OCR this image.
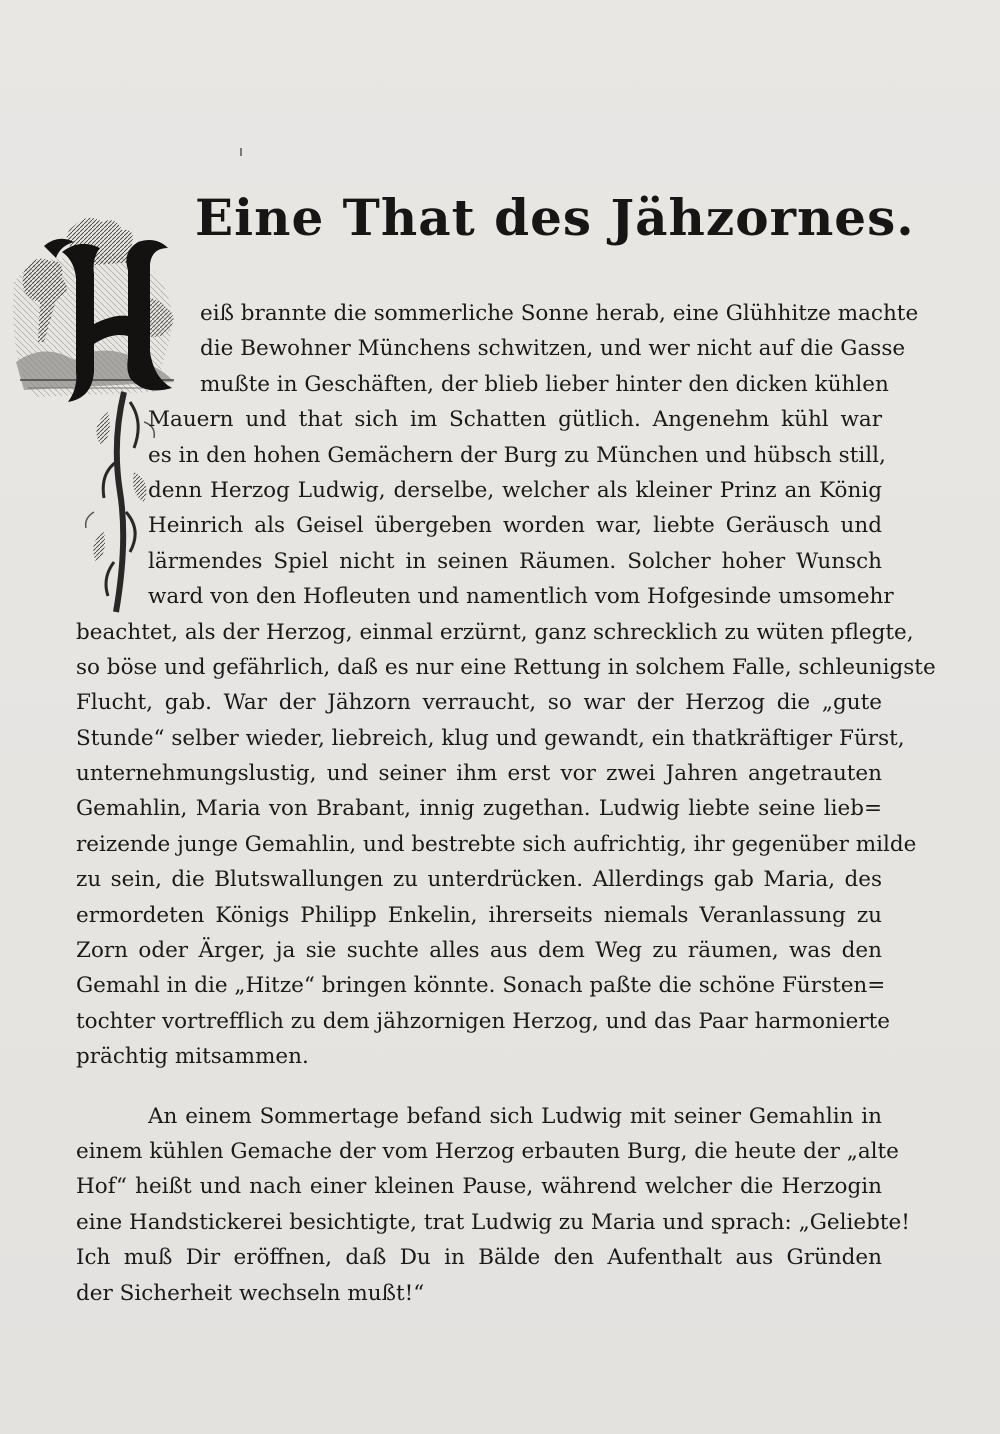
Eine That des Jähzornes.
eiß brannte die sommerliche Sonne herab, eine Glühhitze machte
die Bewohner Münchens schwitzen, und wer nicht auf die Gasse
mußte in Geschäften, der blieb lieber hinter den dicken kühlen
Mauern und that sich im Schatten gütlich. Angenehm kühl war
es in den hohen Gemächern der Burg zu München und hübsch still,
denn Herzog Ludwig, derselbe, welcher als kleiner Prinz an König
Heinrich als Geisel übergeben worden war, liebte Geräusch und
lärmendes Spiel nicht in seinen Räumen. Solcher hoher Wunsch
ward von den Hofleuten und namentlich vom Hofgesinde umsomehr
beachtet, als der Herzog, einmal erzürnt, ganz schrecklich zu wüten pflegte,
so böse und gefährlich, daß es nur eine Rettung in solchem Falle, schleunigste
Flucht, gab. War der Jähzorn verraucht, so war der Herzog die „gute
Stunde“ selber wieder, liebreich, klug und gewandt, ein thatkräftiger Fürst,
unternehmungslustig, und seiner ihm erst vor zwei Jahren angetrauten
Gemahlin, Maria von Brabant, innig zugethan. Ludwig liebte seine lieb=
reizende junge Gemahlin, und bestrebte sich aufrichtig, ihr gegenüber milde
zu sein, die Blutswallungen zu unterdrücken. Allerdings gab Maria, des
ermordeten Königs Philipp Enkelin, ihrerseits niemals Veranlassung zu
Zorn oder Ärger, ja sie suchte alles aus dem Weg zu räumen, was den
Gemahl in die „Hitze“ bringen könnte. Sonach paßte die schöne Fürsten=
tochter vortrefflich zu dem jähzornigen Herzog, und das Paar harmonierte
prächtig mitsammen.
An einem Sommertage befand sich Ludwig mit seiner Gemahlin in
einem kühlen Gemache der vom Herzog erbauten Burg, die heute der „alte
Hof“ heißt und nach einer kleinen Pause, während welcher die Herzogin
eine Handstickerei besichtigte, trat Ludwig zu Maria und sprach: „Geliebte!
Ich muß Dir eröffnen, daß Du in Bälde den Aufenthalt aus Gründen
der Sicherheit wechseln mußt!“
